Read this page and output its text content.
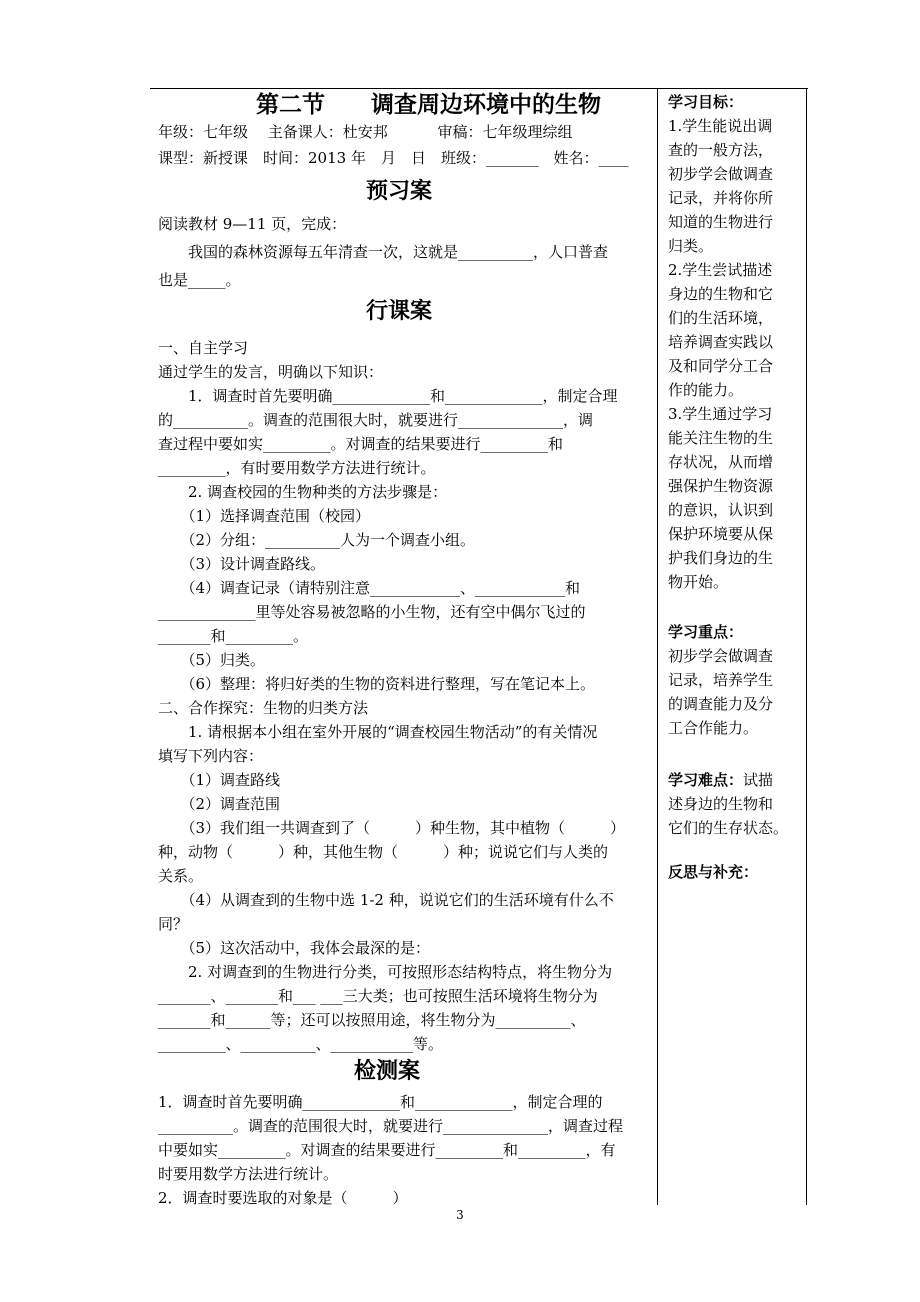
第二节　　调查周边环境中的生物
年级：七年级　 主备课人：杜安邦　　　 审稿：七年级理综组
课型：新授课　时间：2013 年　月　日　班级：_______　姓名：____
预习案
阅读教材 9—11 页，完成：
　　我国的森林资源每五年清查一次，这就是__________，人口普查
也是_____。
行课案
一、自主学习
通过学生的发言，明确以下知识：
　　1．调查时首先要明确_____________和_____________，制定合理
的__________。调查的范围很大时，就要进行______________，调
查过程中要如实_________。对调查的结果要进行_________和
_________，有时要用数学方法进行统计。
　　2. 调查校园的生物种类的方法步骤是：
　　（1）选择调查范围（校园）
　　（2）分组：__________人为一个调查小组。
　　（3）设计调查路线。
　　（4）调查记录（请特别注意____________、____________和
_____________里等处容易被忽略的小生物，还有空中偶尔飞过的
_______和_________。
　　（5）归类。
　　（6）整理：将归好类的生物的资料进行整理，写在笔记本上。
二、合作探究：生物的归类方法
　　1. 请根据本小组在室外开展的“调查校园生物活动”的有关情况
填写下列内容：
　　（1）调查路线
　　（2）调查范围
　　（3）我们组一共调查到了（　　　）种生物，其中植物（　　　）
种，动物（　　　）种，其他生物（　　　）种；说说它们与人类的
关系。
　　（4）从调查到的生物中选 1-2 种，说说它们的生活环境有什么不
同？
　　（5）这次活动中，我体会最深的是：
　　2. 对调查到的生物进行分类，可按照形态结构特点，将生物分为
_______、_______和___ ___三大类；也可按照生活环境将生物分为
_______和______等；还可以按照用途，将生物分为__________、
_________、__________、___________等。
检测案
1．调查时首先要明确_____________和_____________，制定合理的
__________。调查的范围很大时，就要进行______________，调查过程
中要如实_________。对调查的结果要进行_________和_________，有
时要用数学方法进行统计。
2．调查时要选取的对象是（　　　）
学习目标：
1.学生能说出调
查的一般方法，
初步学会做调查
记录，并将你所
知道的生物进行
归类。
2.学生尝试描述
身边的生物和它
们的生活环境，
培养调查实践以
及和同学分工合
作的能力。
3.学生通过学习
能关注生物的生
存状况，从而增
强保护生物资源
的意识，认识到
保护环境要从保
护我们身边的生
物开始。
学习重点：
初步学会做调查
记录，培养学生
的调查能力及分
工合作能力。
学习难点：试描
述身边的生物和
它们的生存状态。
反思与补充：
3
